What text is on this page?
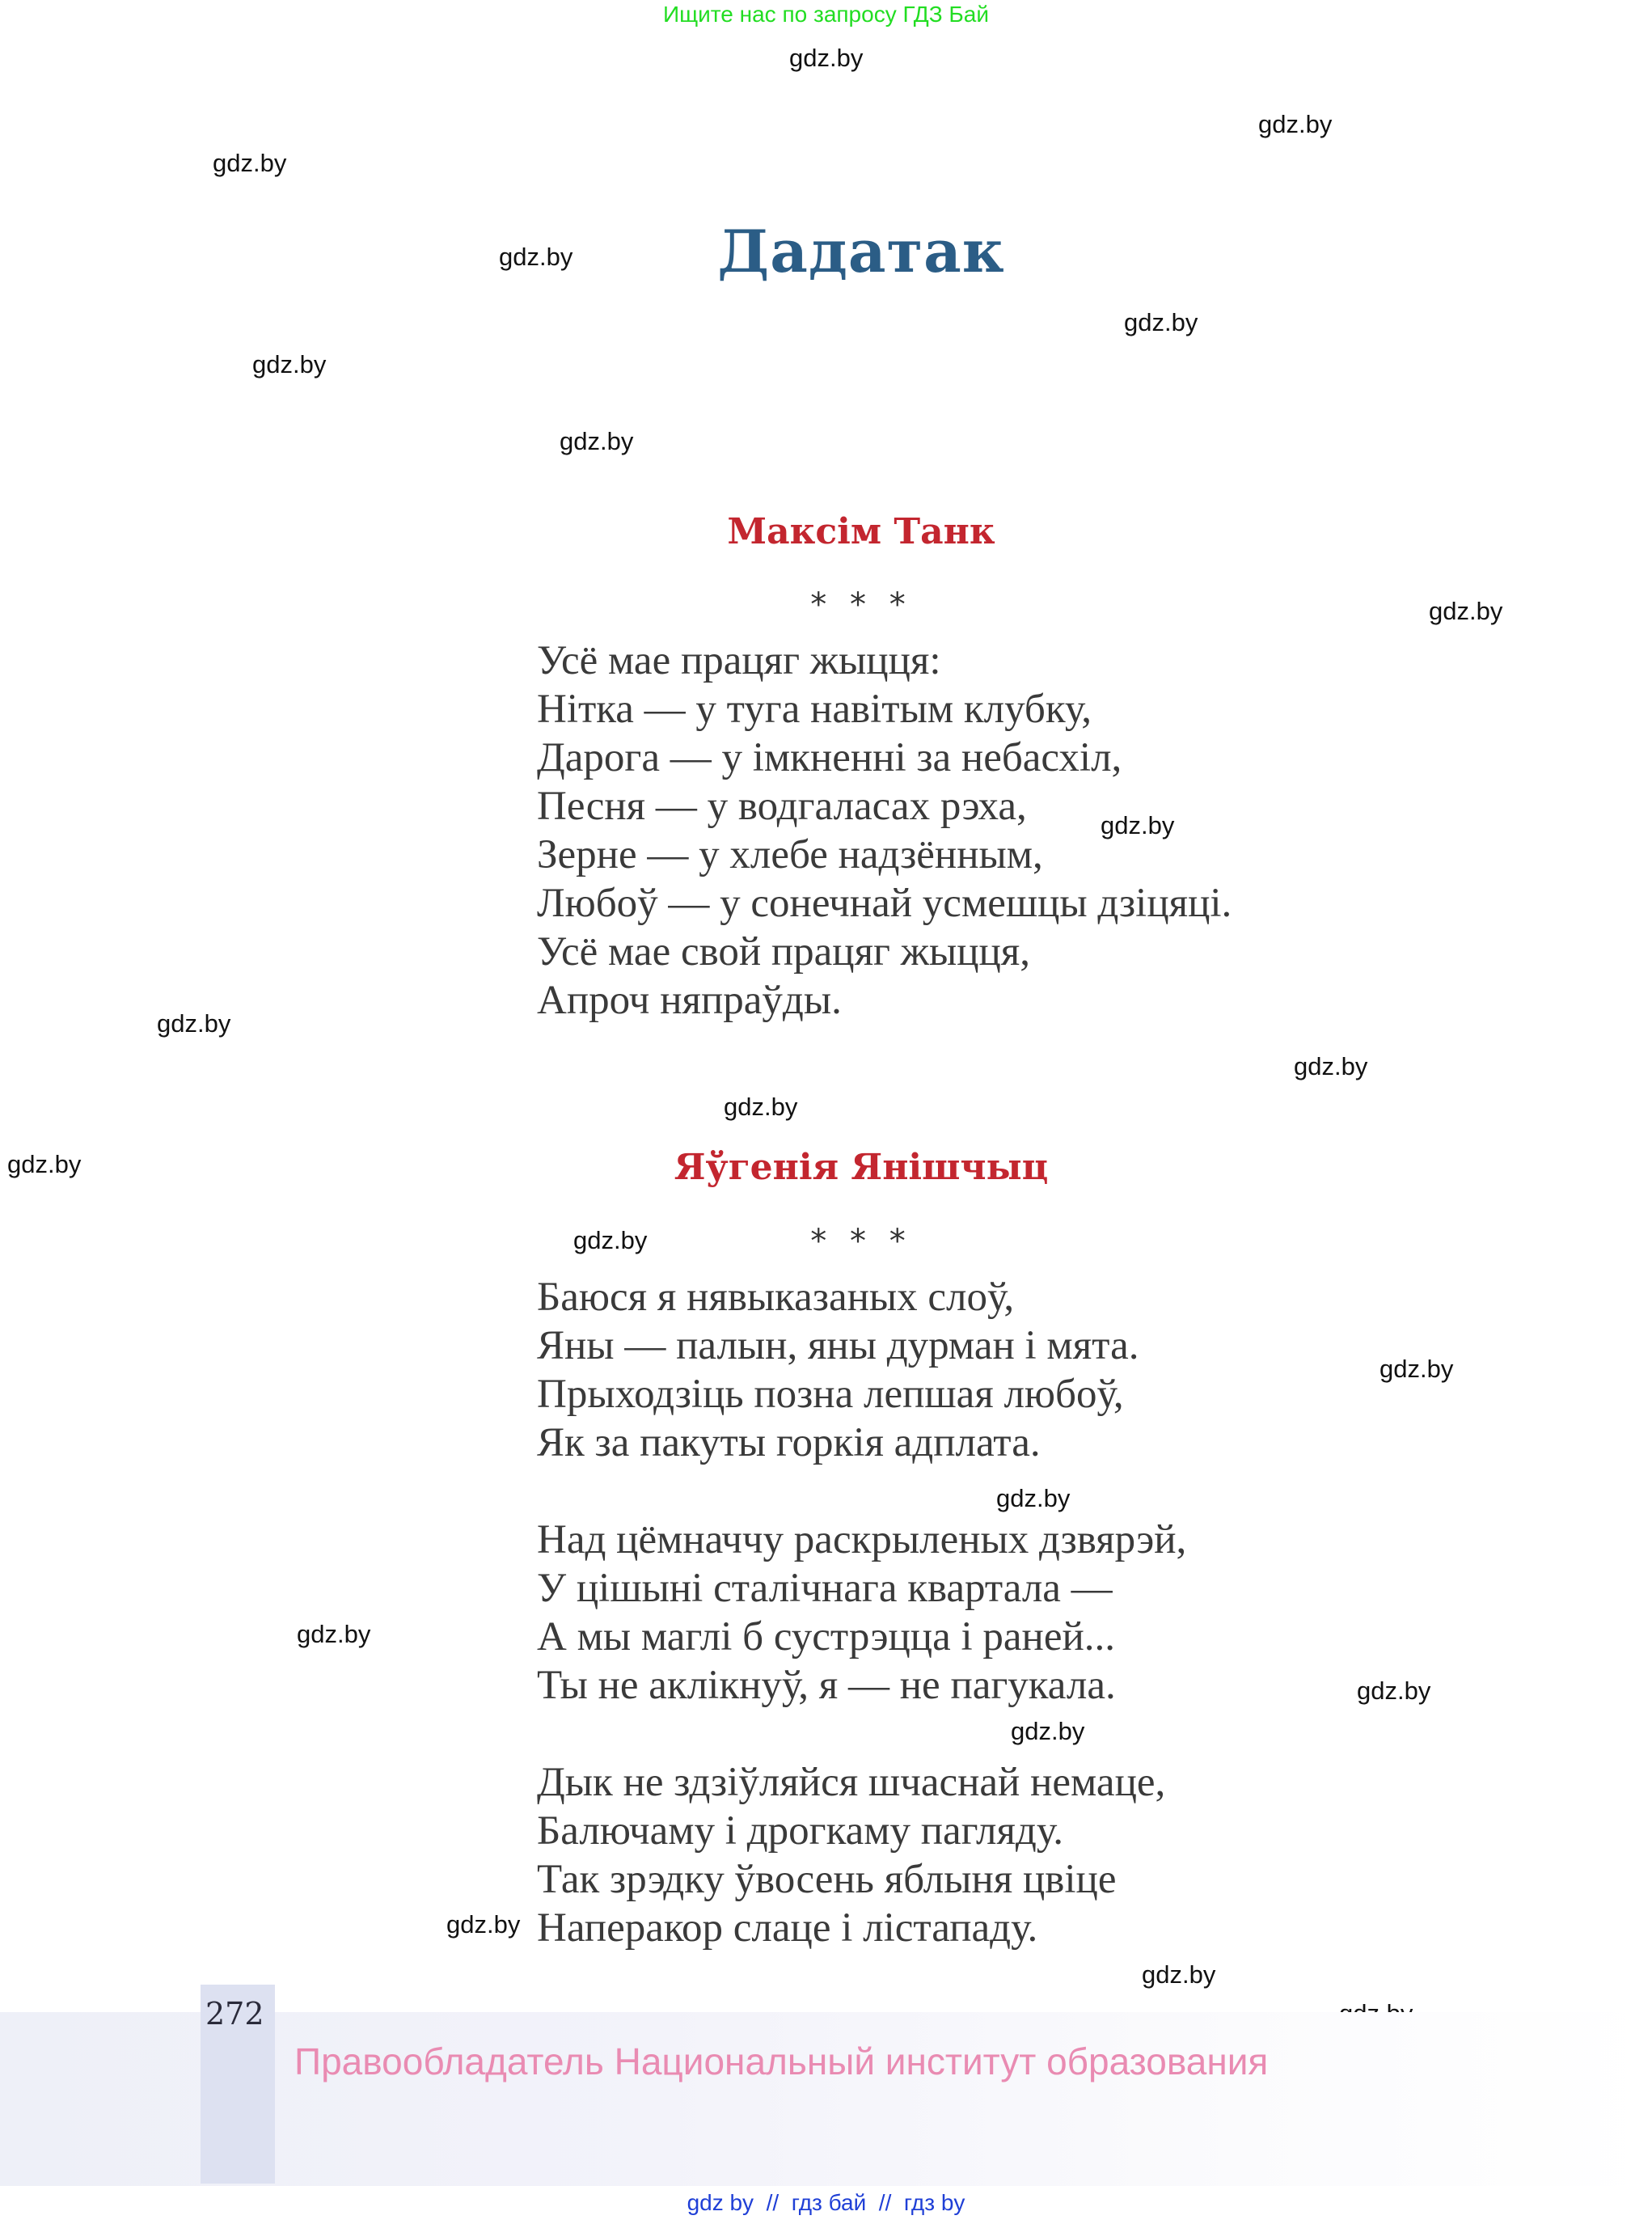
Ищите нас по запросу ГДЗ Бай
gdz.by
gdz.by
gdz.by
gdz.by
gdz.by
gdz.by
gdz.by
gdz.by
gdz.by
gdz.by
gdz.by
gdz.by
gdz.by
gdz.by
gdz.by
gdz.by
gdz.by
gdz.by
gdz.by
gdz.by
gdz.by
Дадатак
Максім Танк
* * *
Усё мае працяг жыцця:
Нітка — у туга навітым клубку,
Дарога — у імкненні за небасхіл,
Песня — у водгаласах рэха,
Зерне — у хлебе надзённым,
Любоў — у сонечнай усмешцы дзіцяці.
Усё мае свой працяг жыцця,
Апроч няпраўды.
Яўгенія Янішчыц
* * *
Баюся я нявыказаных слоў,
Яны — палын, яны дурман і мята.
Прыходзіць позна лепшая любоў,
Як за пакуты горкія адплата.
Над цёмначчу раскрыленых дзвярэй,
У цішыні сталічнага квартала —
А мы маглі б сустрэцца і раней...
Ты не аклікнуў, я — не пагукала.
Дык не здзіўляйся шчаснай немаце,
Балючаму і дрогкаму пагляду.
Так зрэдку ўвосень яблыня цвіце
Наперакор слаце і лістападу.
272
Правообладатель Национальный институт образования
gdz by  //  гдз бай  //  гдз by
